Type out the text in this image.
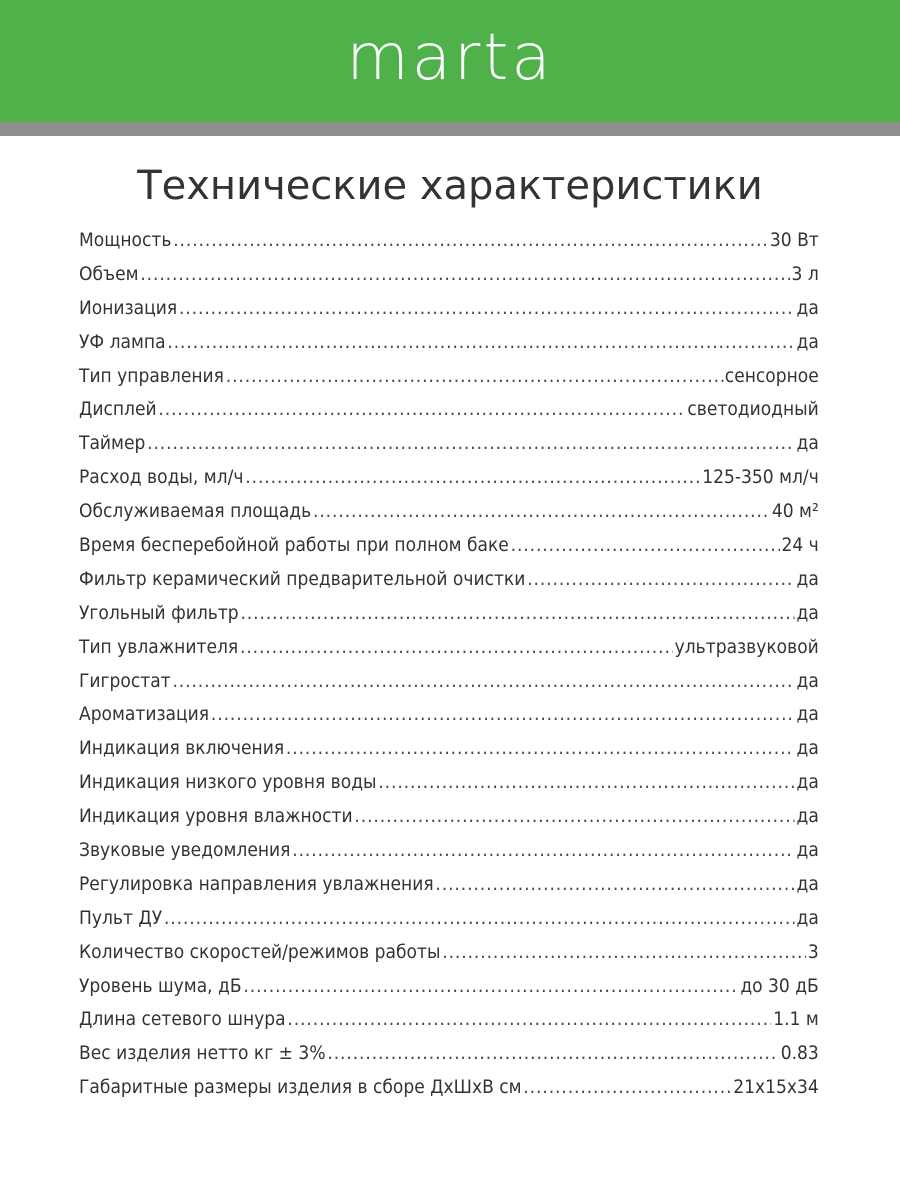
marta
Технические характеристики
Мощность .....	30 Вт
Объем .....	3 л
Ионизация .....	да
УФ лампа .....	да
Тип управления .....	сенсорное
Дисплей .....	светодиодный
Таймер .....	да
Расход воды, мл/ч .....	125-350 мл/ч
Обслуживаемая площадь .....	40 м²
Время бесперебойной работы при полном баке .....	24 ч
Фильтр керамический предварительной очистки .....	да
Угольный фильтр .....	да
Тип увлажнителя .....	ультразвуковой
Гигростат .....	да
Ароматизация .....	да
Индикация включения .....	да
Индикация низкого уровня воды .....	да
Индикация уровня влажности .....	да
Звуковые уведомления .....	да
Регулировка направления увлажнения .....	да
Пульт ДУ .....	да
Количество скоростей/режимов работы .....	3
Уровень шума, дБ .....	до 30 дБ
Длина сетевого шнура .....	1.1 м
Вес изделия нетто кг ± 3% .....	0.83
Габаритные размеры изделия в сборе ДхШхВ см .....	21х15х34
